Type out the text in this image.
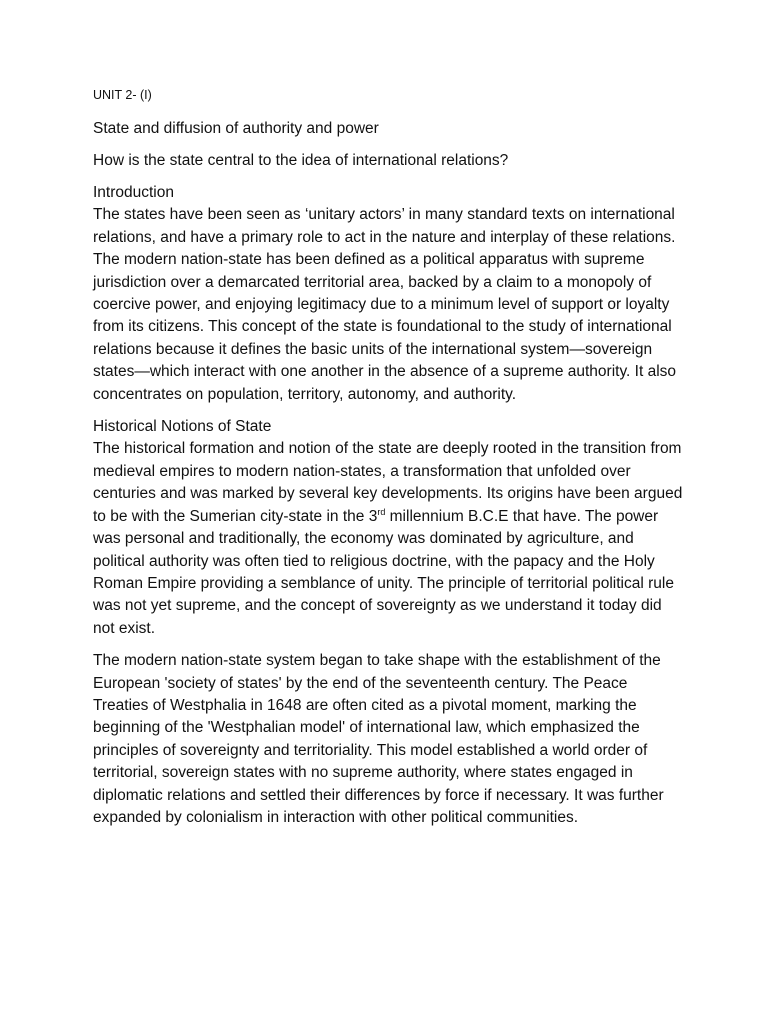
UNIT 2- (I)
State and diffusion of authority and power
How is the state central to the idea of international relations?
Introduction

The states have been seen as ‘unitary actors’ in many standard texts on international relations, and have a primary role to act in the nature and interplay of these relations. The modern nation-state has been defined as a political apparatus with supreme jurisdiction over a demarcated territorial area, backed by a claim to a monopoly of coercive power, and enjoying legitimacy due to a minimum level of support or loyalty from its citizens. This concept of the state is foundational to the study of international relations because it defines the basic units of the international system—sovereign states—which interact with one another in the absence of a supreme authority. It also concentrates on population, territory, autonomy, and authority.

Historical Notions of State

The historical formation and notion of the state are deeply rooted in the transition from medieval empires to modern nation-states, a transformation that unfolded over centuries and was marked by several key developments. Its origins have been argued to be with the Sumerian city-state in the 3rd millennium B.C.E that have. The power was personal and traditionally, the economy was dominated by agriculture, and political authority was often tied to religious doctrine, with the papacy and the Holy Roman Empire providing a semblance of unity. The principle of territorial political rule was not yet supreme, and the concept of sovereignty as we understand it today did not exist.

The modern nation-state system began to take shape with the establishment of the European 'society of states' by the end of the seventeenth century. The Peace Treaties of Westphalia in 1648 are often cited as a pivotal moment, marking the beginning of the 'Westphalian model' of international law, which emphasized the principles of sovereignty and territoriality. This model established a world order of territorial, sovereign states with no supreme authority, where states engaged in diplomatic relations and settled their differences by force if necessary. It was further expanded by colonialism in interaction with other political communities.
